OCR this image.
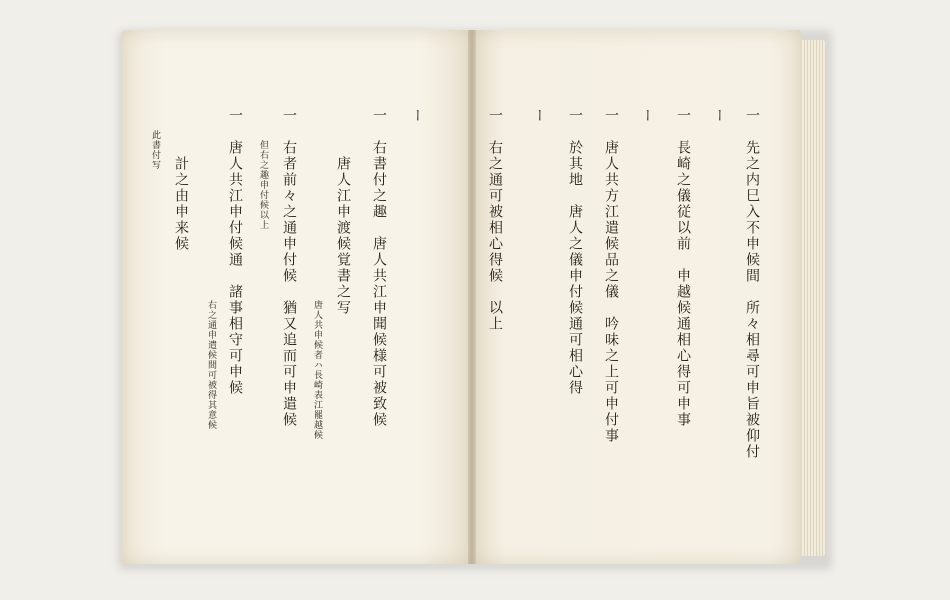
一　先之内巳入不申候間　所々相尋可申旨被仰付
ー
一　長崎之儀従以前　申越候通相心得可申事
ー
一　唐人共方江遣候品之儀　吟味之上可申付事
一　於其地　唐人之儀申付候通可相心得
ー
一　右之通可被相心得候　以上
ー
一　右書付之趣　唐人共江申聞候様可被致候
　　　唐人江申渡候覚書之写
唐人共申候者ハ長崎表江罷越候
一　右者前々之通申付候　猶又追而可申遣候
但右之趣申付候以上
一　唐人共江申付候通　諸事相守可申候
右之通申遣候間可被得其意候
　　　計之由申来候
此書付写
